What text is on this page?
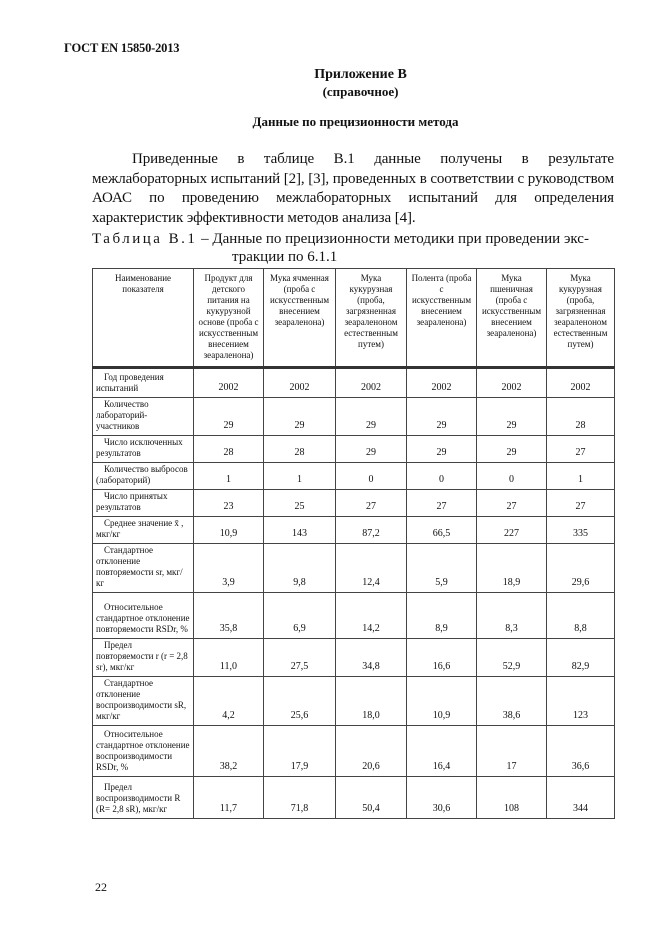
ГОСТ EN 15850-2013
Приложение B
(справочное)
Данные по прецизионности метода
Приведенные в таблице B.1 данные получены в результате межлабораторных испытаний [2], [3], проведенных в соответствии с руководством АОАС по проведению межлабораторных испытаний для определения характеристик эффективности методов анализа [4].
Таблица B.1 – Данные по прецизионности методики при проведении экс-
тракции по 6.1.1
Наименование показателя	Продукт для детского питания на кукурузной основе (проба с искусственным внесением зеараленона)	Мука ячменная (проба с искусственным внесением зеараленона)	Мука кукурузная (проба, загрязненная зеараленоном естественным путем)	Полента (проба с искусственным внесением зеараленона)	Мука пшеничная (проба с искусственным внесением зеараленона)	Мука кукурузная (проба, загрязненная зеараленоном естественным путем)
Год проведения испытаний	2002	2002	2002	2002	2002	2002
Количество лабораторий-участников	29	29	29	29	29	28
Число исключенных результатов	28	28	29	29	29	27
Количество выбросов (лабораторий)	1	1	0	0	0	1
Число принятых результатов	23	25	27	27	27	27
Среднее значение x̄ , мкг/кг	10,9	143	87,2	66,5	227	335
Стандартное отклонение повторяемости sr, мкг/кг	3,9	9,8	12,4	5,9	18,9	29,6
Относительное стандартное отклонение повторяемости RSDr, %	35,8	6,9	14,2	8,9	8,3	8,8
Предел повторяемости r (r = 2,8 sr), мкг/кг	11,0	27,5	34,8	16,6	52,9	82,9
Стандартное отклонение воспроизводимости sR, мкг/кг	4,2	25,6	18,0	10,9	38,6	123
Относительное стандартное отклонение воспроизводимости RSDr, %	38,2	17,9	20,6	16,4	17	36,6
Предел воспроизводимости R (R= 2,8 sR), мкг/кг	11,7	71,8	50,4	30,6	108	344
22
